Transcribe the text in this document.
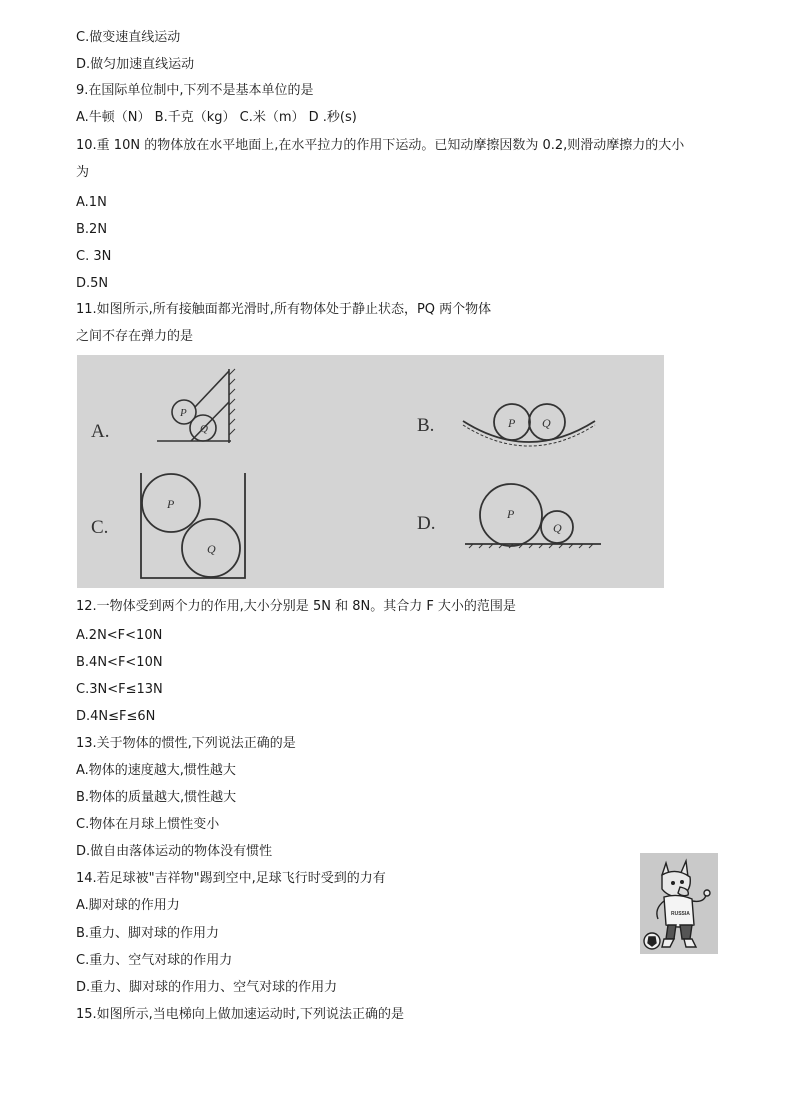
C.做变速直线运动
D.做匀加速直线运动
9.在国际单位制中,下列不是基本单位的是
A.牛顿（N） B.千克（kg） C.米（m） D .秒(s)
10.重 10N 的物体放在水平地面上,在水平拉力的作用下运动。已知动摩擦因数为 0.2,则滑动摩擦力的大小
为
A.1N
B.2N
C. 3N
D.5N
11.如图所示,所有接触面都光滑时,所有物体处于静止状态，PQ 两个物体
之间不存在弹力的是
A.	B.
C.	D.
P
Q	P Q
P
Q
P
Q
12.一物体受到两个力的作用,大小分别是 5N 和 8N。其合力 F 大小的范围是
A.2N<F<10N
B.4N<F<10N
C.3N<F≤13N
D.4N≤F≤6N
13.关于物体的惯性,下列说法正确的是
A.物体的速度越大,惯性越大
B.物体的质量越大,惯性越大
C.物体在月球上惯性变小
D.做自由落体运动的物体没有惯性
14.若足球被"吉祥物"踢到空中,足球飞行时受到的力有
A.脚对球的作用力
B.重力、脚对球的作用力
C.重力、空气对球的作用力
D.重力、脚对球的作用力、空气对球的作用力
15.如图所示,当电梯向上做加速运动时,下列说法正确的是
RUSSIA
